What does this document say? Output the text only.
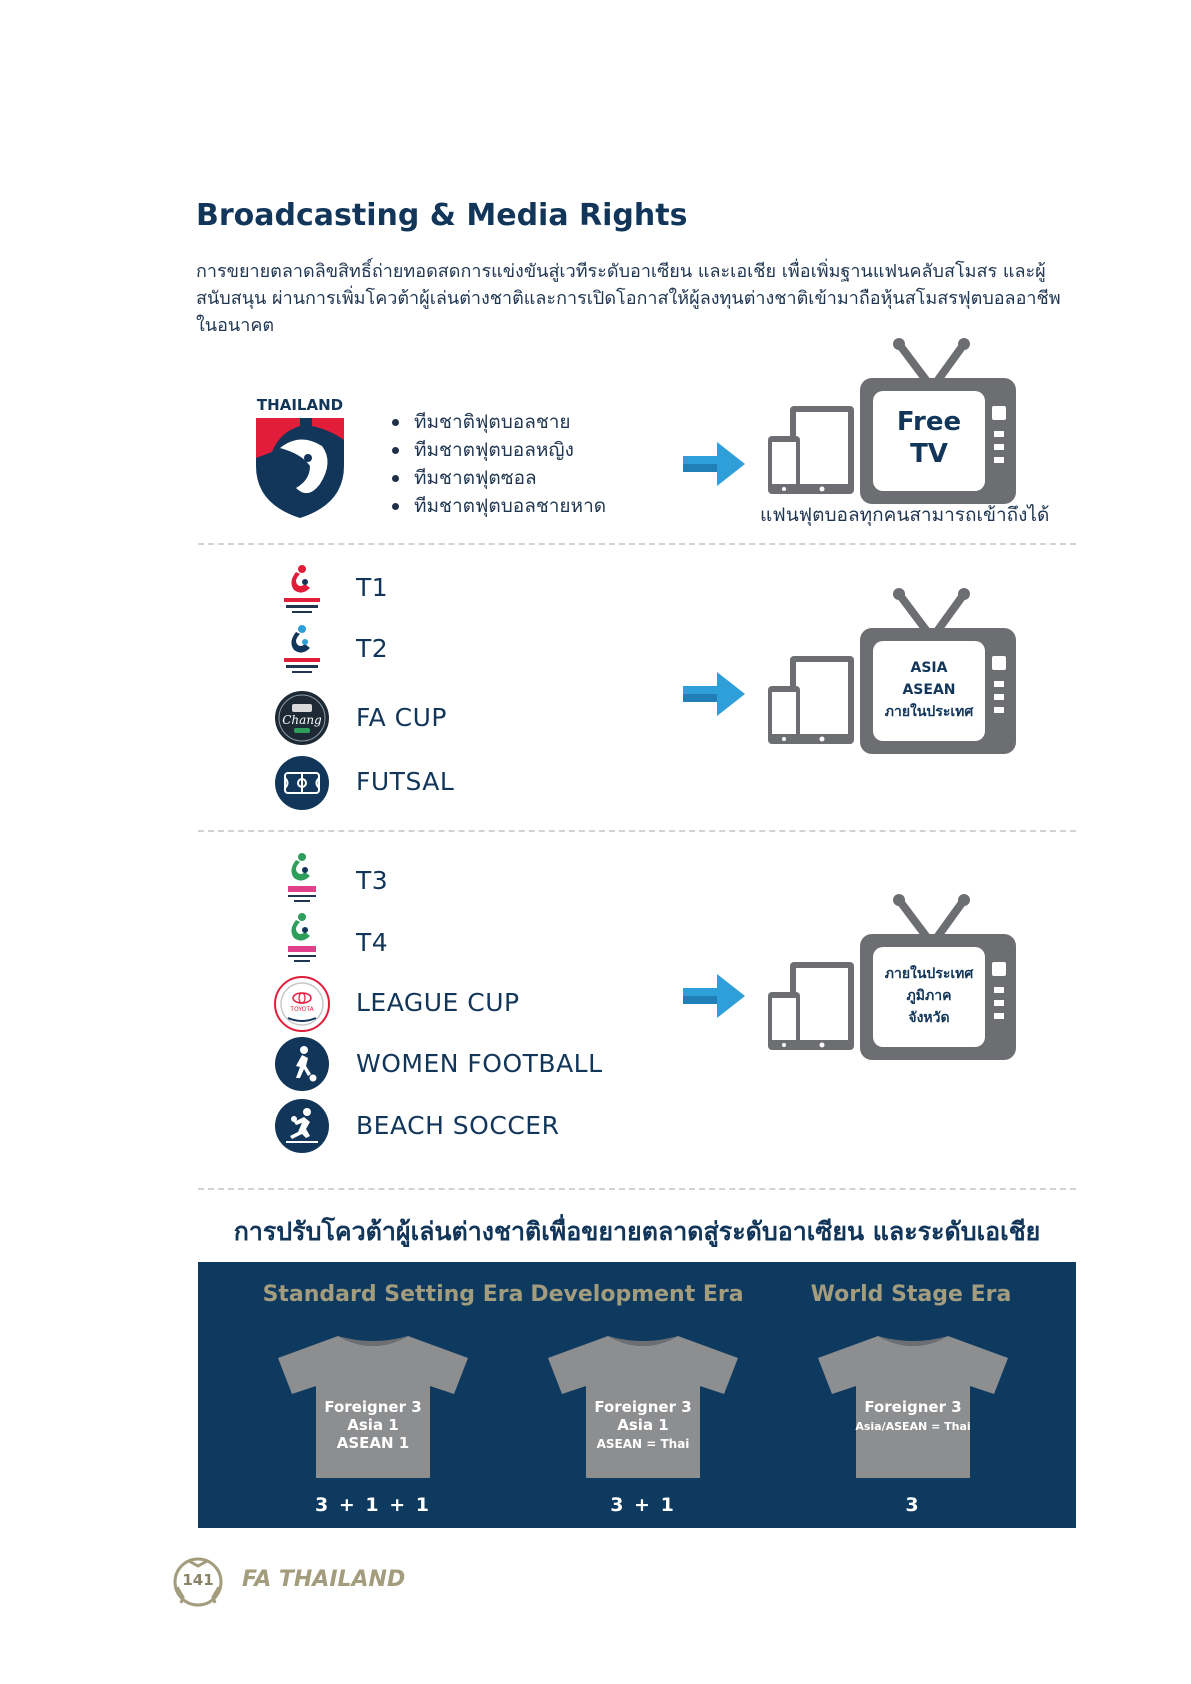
Broadcasting & Media Rights
การขยายตลาดลิขสิทธิ์ถ่ายทอดสดการแข่งขันสู่เวทีระดับอาเซียน และเอเชีย เพื่อเพิ่มฐานแฟนคลับสโมสร และผู้สนับสนุน ผ่านการเพิ่มโควต้าผู้เล่นต่างชาติและการเปิดโอกาสให้ผู้ลงทุนต่างชาติเข้ามาถือหุ้นสโมสรฟุตบอลอาชีพในอนาคต
THAILAND
ทีมชาติฟุตบอลชาย
ทีมชาตฟุตบอลหญิง
ทีมชาตฟุตซอล
ทีมชาตฟุตบอลชายหาด
Free
TV
แฟนฟุตบอลทุกคนสามารถเข้าถึงได้
T1
T2
Chang FA CUP
FUTSAL
ASIA
ASEAN
ภายในประเทศ
T3
T4
TOYOTA LEAGUE CUP
WOMEN FOOTBALL
BEACH SOCCER
ภายในประเทศ
ภูมิภาค
จังหวัด
การปรับโควต้าผู้เล่นต่างชาติเพื่อขยายตลาดสู่ระดับอาเซียน และระดับเอเชีย
Standard Setting Era
Foreigner 3
Asia 1
ASEAN 1
3 + 1 + 1
Development Era
Foreigner 3
Asia 1
ASEAN = Thai
3 + 1
World Stage Era
Foreigner 3
Asia/ASEAN = Thai
3
141	FA THAILAND
